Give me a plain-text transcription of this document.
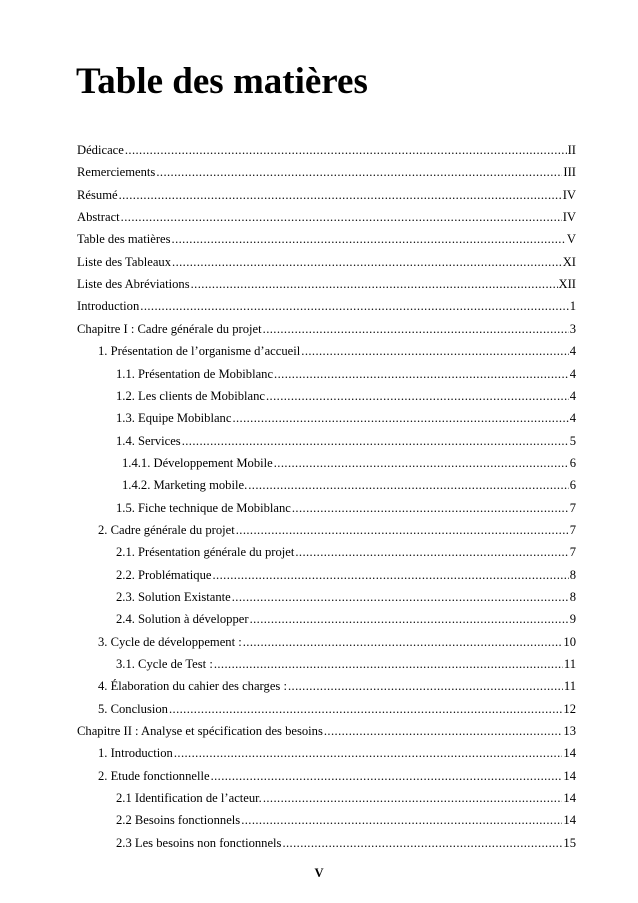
Table des matières
Dédicace .....	II
Remerciements .....	III
Résumé .....	IV
Abstract .....	IV
Table des matières .....	V
Liste des Tableaux .....	XI
Liste des Abréviations .....	XII
Introduction .....	1
Chapitre I : Cadre générale du projet .....	3
1. Présentation de l’organisme d’accueil .....	4
1.1. Présentation de Mobiblanc .....	4
1.2. Les clients de Mobiblanc .....	4
1.3. Equipe Mobiblanc .....	4
1.4. Services .....	5
1.4.1. Développement Mobile .....	6
1.4.2. Marketing mobile. .....	6
1.5. Fiche technique de Mobiblanc .....	7
2. Cadre générale du projet .....	7
2.1. Présentation générale du projet .....	7
2.2. Problématique .....	8
2.3. Solution Existante .....	8
2.4. Solution à développer .....	9
3. Cycle de développement : .....	10
3.1. Cycle de Test : .....	11
4. Élaboration du cahier des charges : .....	11
5. Conclusion .....	12
Chapitre II : Analyse et spécification des besoins .....	13
1. Introduction .....	14
2. Etude fonctionnelle .....	14
2.1 Identification de l’acteur. .....	14
2.2 Besoins fonctionnels .....	14
2.3 Les besoins non fonctionnels .....	15
V
